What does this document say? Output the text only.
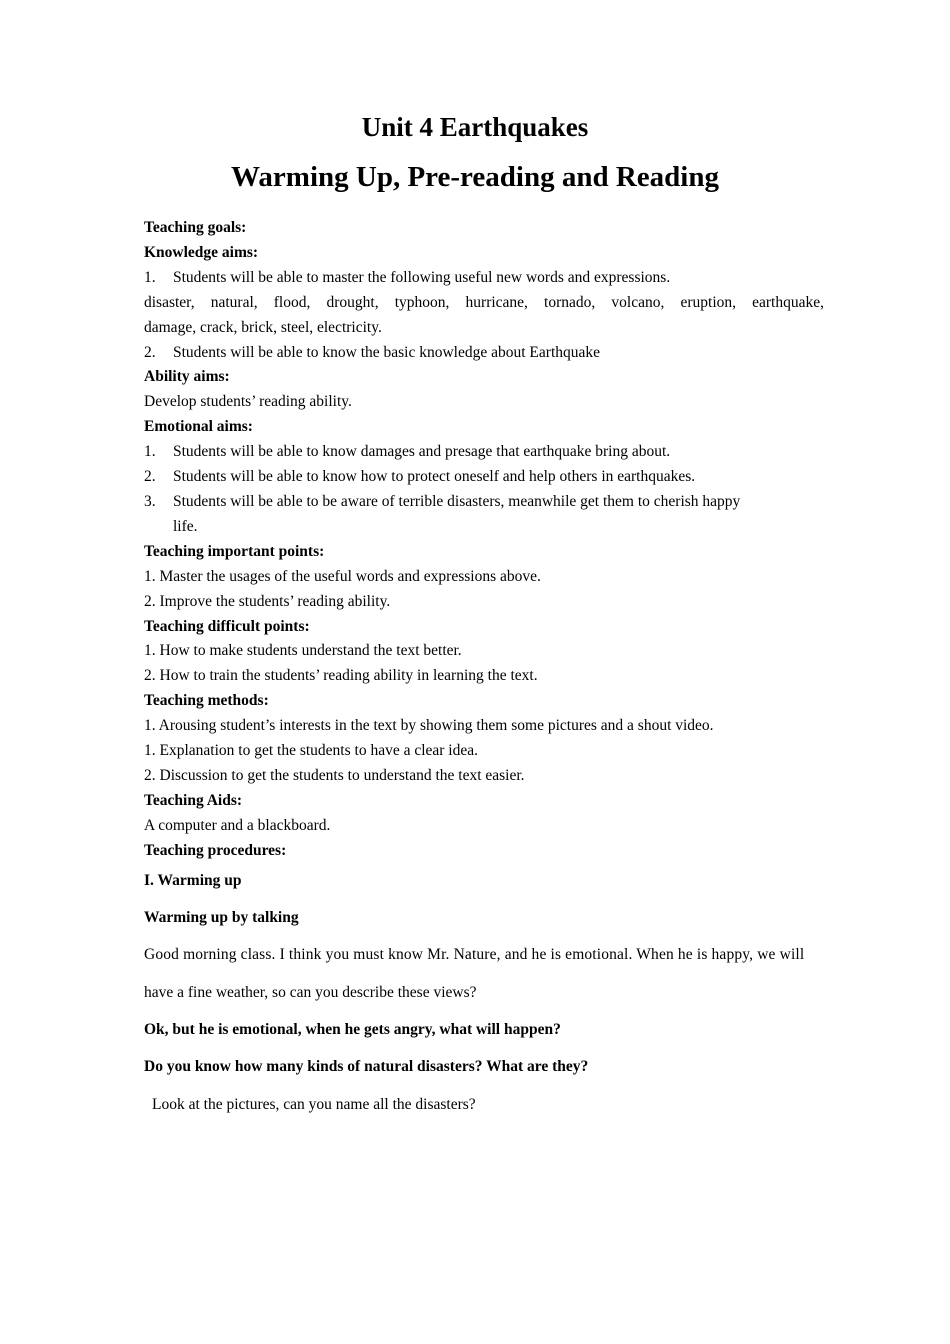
Unit 4 Earthquakes
Warming Up, Pre-reading and Reading
Teaching goals:
Knowledge aims:
1.	Students will be able to master the following useful new words and expressions.
disaster, natural, flood, drought, typhoon, hurricane, tornado, volcano, eruption, earthquake,
damage, crack, brick, steel, electricity.
2.	Students will be able to know the basic knowledge about Earthquake
Ability aims:
Develop students’ reading ability.
Emotional aims:
1.	Students will be able to know damages and presage that earthquake bring about.
2.	Students will be able to know how to protect oneself and help others in earthquakes.
3.	Students will be able to be aware of terrible disasters, meanwhile get them to cherish happy
life.
Teaching important points:
1. Master the usages of the useful words and expressions above.
2. Improve the students’ reading ability.
Teaching difficult points:
1. How to make students understand the text better.
2. How to train the students’ reading ability in learning the text.
Teaching methods:
1. Arousing student’s interests in the text by showing them some pictures and a shout video.
1. Explanation to get the students to have a clear idea.
2. Discussion to get the students to understand the text easier.
Teaching Aids:
A computer and a blackboard.
Teaching procedures:
I. Warming up
Warming up by talking
Good morning class. I think you must know Mr. Nature, and he is emotional. When he is happy, we will
have a fine weather, so can you describe these views?
Ok, but he is emotional, when he gets angry, what will happen?
Do you know how many kinds of natural disasters? What are they?
Look at the pictures, can you name all the disasters?
